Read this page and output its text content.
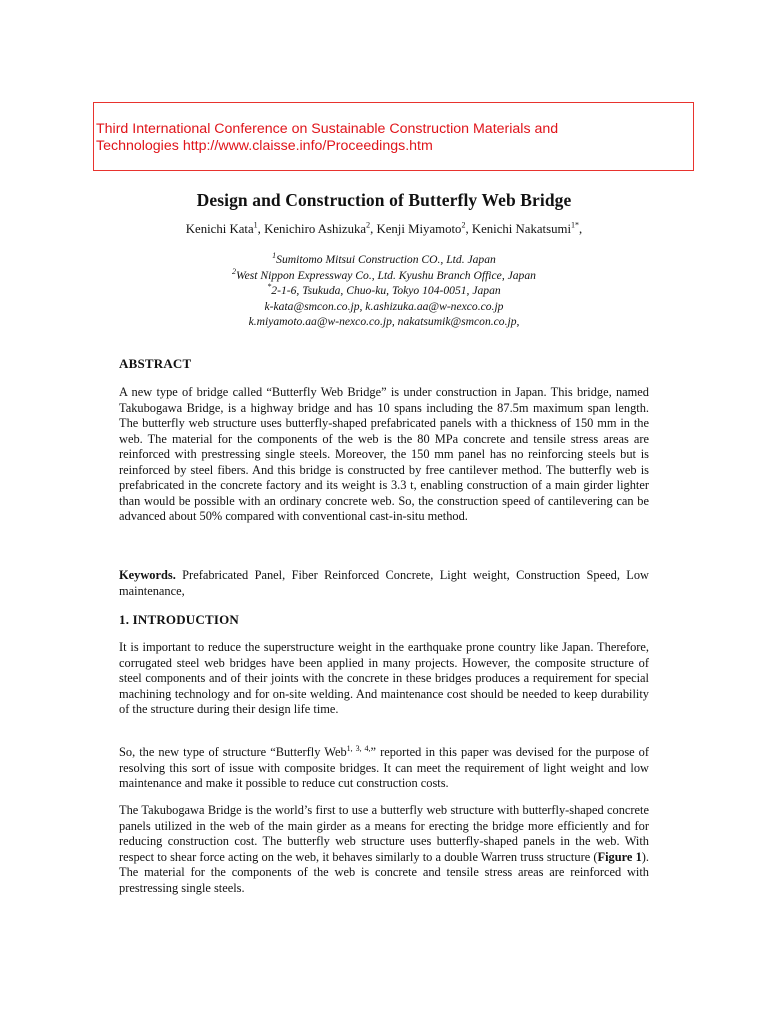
Third International Conference on Sustainable Construction Materials and
Technologies http://www.claisse.info/Proceedings.htm
Design and Construction of Butterfly Web Bridge
Kenichi Kata$^1$, Kenichiro Ashizuka$^2$, Kenji Miyamoto$^2$, Kenichi Nakatsumi$^{1*}$,
$^1$Sumitomo Mitsui Construction CO., Ltd. Japan
$^2$West Nippon Expressway Co., Ltd. Kyushu Branch Office, Japan
*2-1-6, Tsukuda, Chuo-ku, Tokyo 104-0051, Japan
k-kata@smcon.co.jp, k.ashizuka.aa@w-nexco.co.jp
k.miyamoto.aa@w-nexco.co.jp, nakatsumik@smcon.co.jp,
ABSTRACT
A new type of bridge called “Butterfly Web Bridge” is under construction in Japan. This bridge, named Takubogawa Bridge, is a highway bridge and has 10 spans including the 87.5m maximum span length. The butterfly web structure uses butterfly-shaped prefabricated panels with a thickness of 150 mm in the web. The material for the components of the web is the 80 MPa concrete and tensile stress areas are reinforced with prestressing single steels. Moreover, the 150 mm panel has no reinforcing steels but is reinforced by steel fibers. And this bridge is constructed by free cantilever method. The butterfly web is prefabricated in the concrete factory and its weight is 3.3 t, enabling construction of a main girder lighter than would be possible with an ordinary concrete web. So, the construction speed of cantilevering can be advanced about 50% compared with conventional cast-in-situ method.
Keywords. Prefabricated Panel, Fiber Reinforced Concrete, Light weight, Construction Speed, Low maintenance,
1. INTRODUCTION
It is important to reduce the superstructure weight in the earthquake prone country like Japan. Therefore, corrugated steel web bridges have been applied in many projects. However, the composite structure of steel components and of their joints with the concrete in these bridges produces a requirement for special machining technology and for on-site welding. And maintenance cost should be needed to keep durability of the structure during their design life time.
So, the new type of structure “Butterfly Web$^{1, 3, 4,}$” reported in this paper was devised for the purpose of resolving this sort of issue with composite bridges. It can meet the requirement of light weight and low maintenance and make it possible to reduce cut construction costs.
The Takubogawa Bridge is the world’s first to use a butterfly web structure with butterfly-shaped concrete panels utilized in the web of the main girder as a means for erecting the bridge more efficiently and for reducing construction cost. The butterfly web structure uses butterfly-shaped panels in the web. With respect to shear force acting on the web, it behaves similarly to a double Warren truss structure (Figure 1). The material for the components of the web is concrete and tensile stress areas are reinforced with prestressing single steels.
